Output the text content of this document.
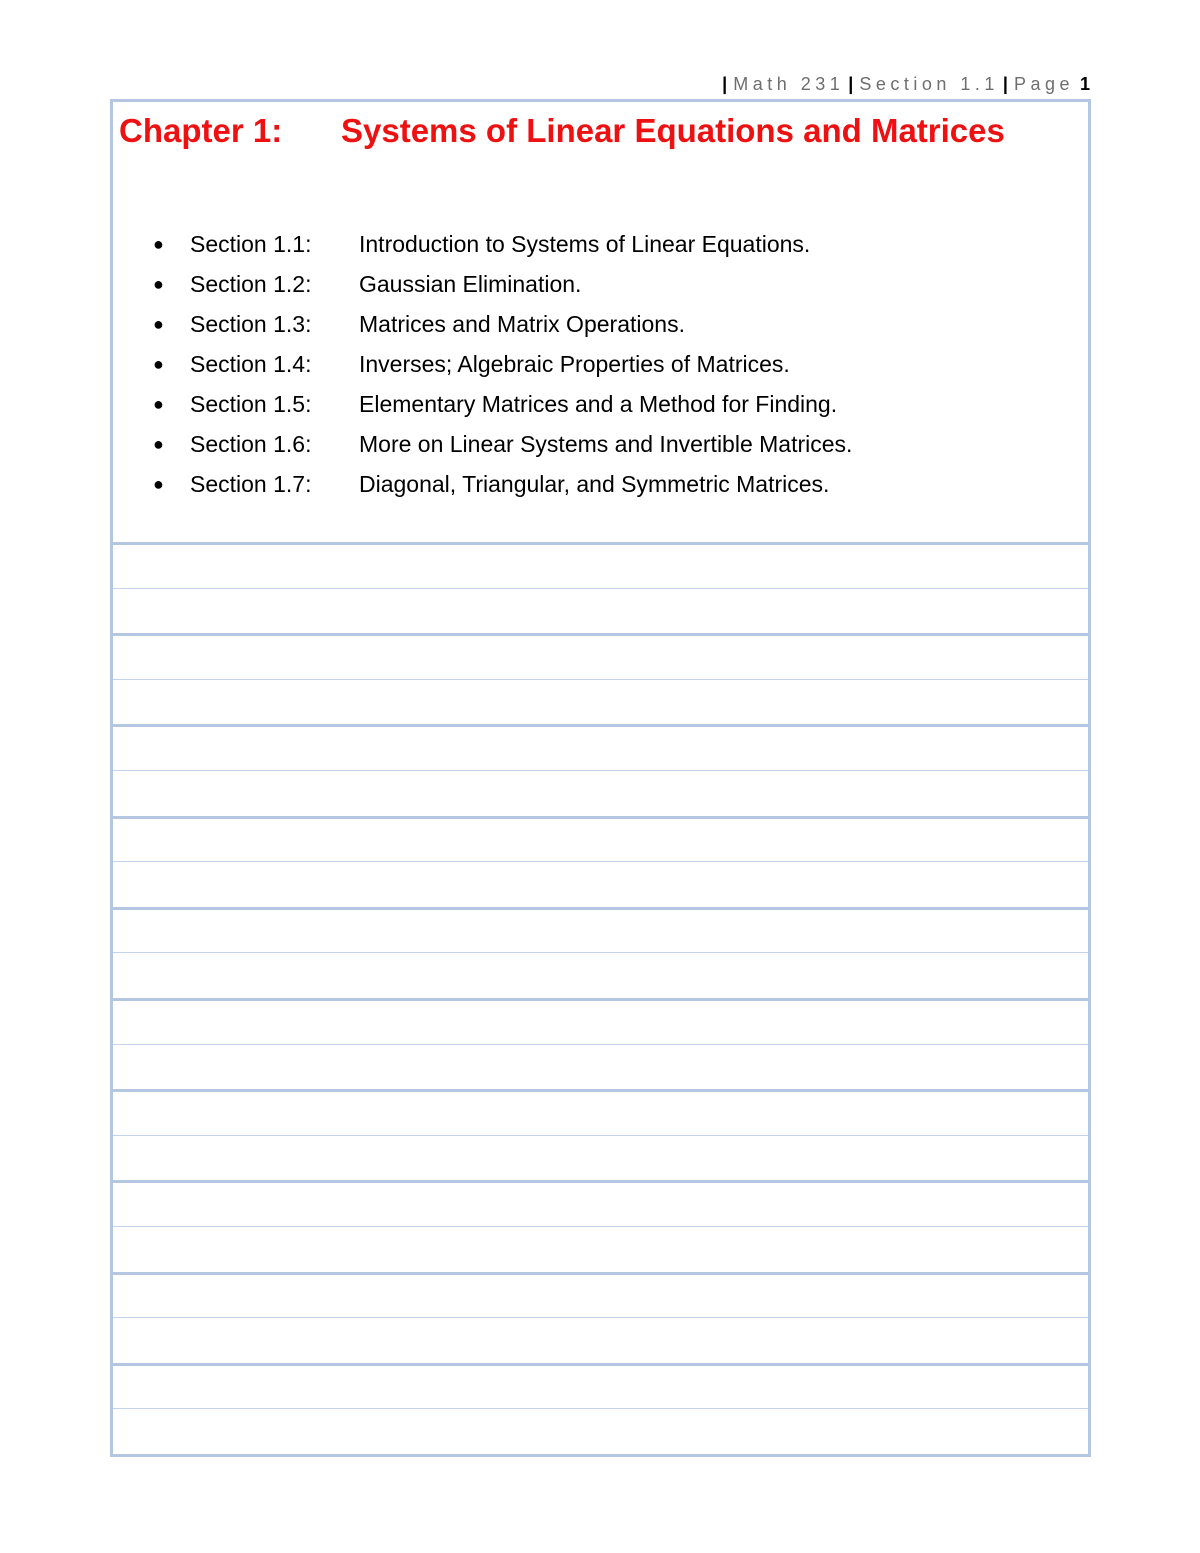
| Math 231 | Section 1.1 | Page 1
Chapter 1: Systems of Linear Equations and Matrices
●	Section 1.1:	Introduction to Systems of Linear Equations.
●	Section 1.2:	Gaussian Elimination.
●	Section 1.3:	Matrices and Matrix Operations.
●	Section 1.4:	Inverses; Algebraic Properties of Matrices.
●	Section 1.5:	Elementary Matrices and a Method for Finding.
●	Section 1.6:	More on Linear Systems and Invertible Matrices.
●	Section 1.7:	Diagonal, Triangular, and Symmetric Matrices.
